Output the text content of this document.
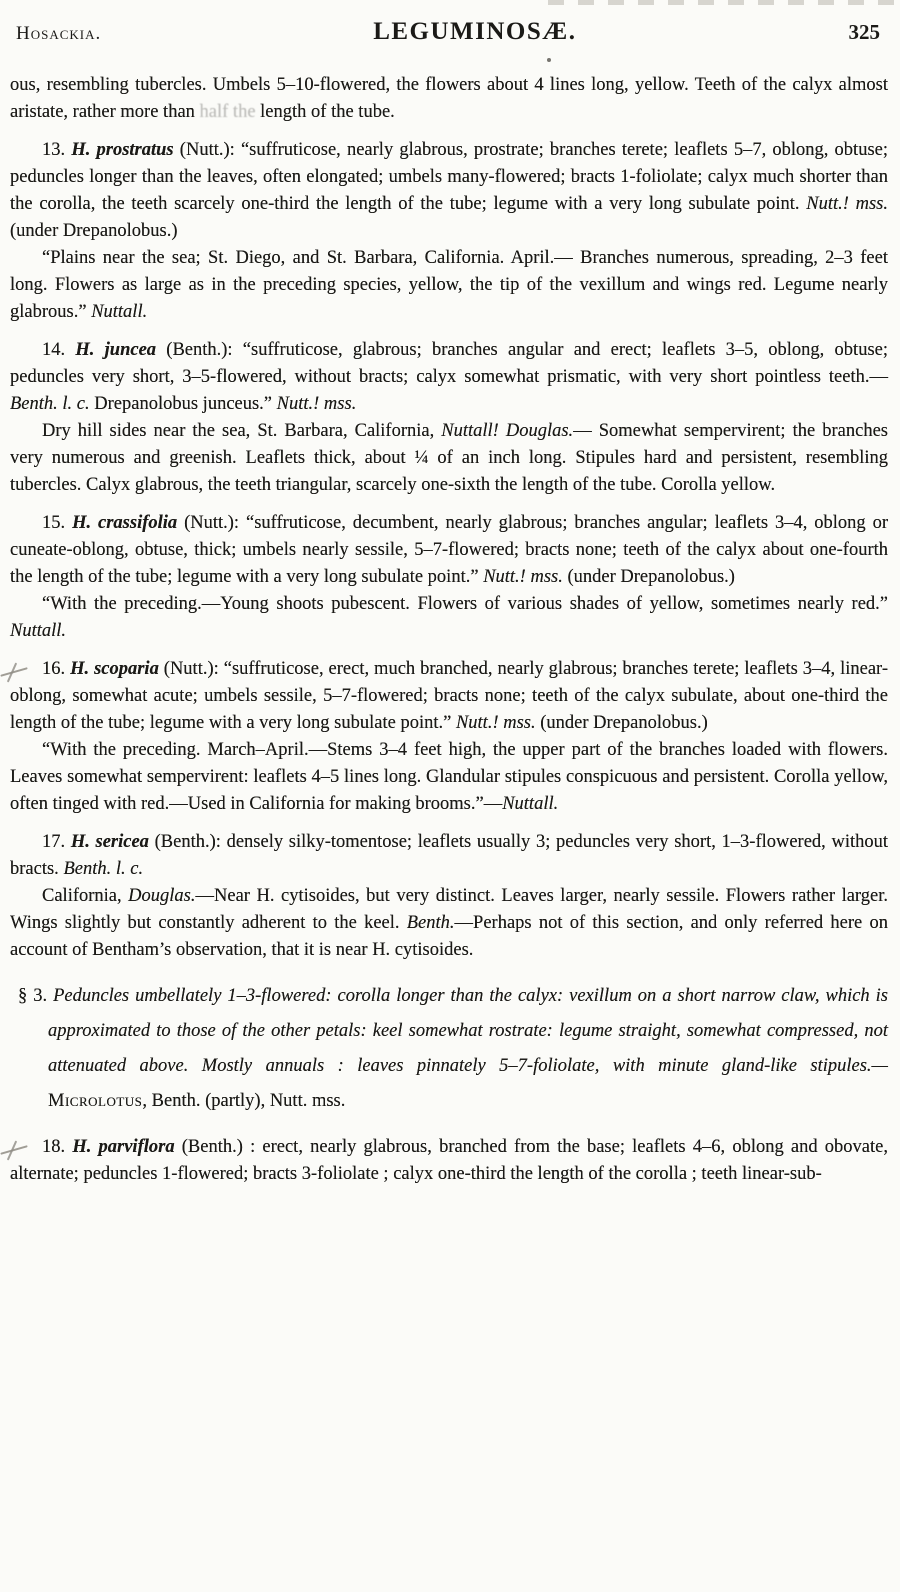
Hosackia.	LEGUMINOSÆ.	325

ous, resembling tubercles. Umbels 5–10-flowered, the flowers about 4 lines long, yellow. Teeth of the calyx almost aristate, rather more than half the length of the tube.

13. H. prostratus (Nutt.): “suffruticose, nearly glabrous, prostrate; branches terete; leaflets 5–7, oblong, obtuse; peduncles longer than the leaves, often elongated; umbels many-flowered; bracts 1-foliolate; calyx much shorter than the corolla, the teeth scarcely one-third the length of the tube; legume with a very long subulate point. Nutt.! mss. (under Drepanolobus.)

“Plains near the sea; St. Diego, and St. Barbara, California. April.— Branches numerous, spreading, 2–3 feet long. Flowers as large as in the preceding species, yellow, the tip of the vexillum and wings red. Legume nearly glabrous.” Nuttall.

14. H. juncea (Benth.): “suffruticose, glabrous; branches angular and erect; leaflets 3–5, oblong, obtuse; peduncles very short, 3–5-flowered, without bracts; calyx somewhat prismatic, with very short pointless teeth.— Benth. l. c. Drepanolobus junceus.” Nutt.! mss.

Dry hill sides near the sea, St. Barbara, California, Nuttall! Douglas.— Somewhat sempervirent; the branches very numerous and greenish. Leaflets thick, about ¼ of an inch long. Stipules hard and persistent, resembling tubercles. Calyx glabrous, the teeth triangular, scarcely one-sixth the length of the tube. Corolla yellow.

15. H. crassifolia (Nutt.): “suffruticose, decumbent, nearly glabrous; branches angular; leaflets 3–4, oblong or cuneate-oblong, obtuse, thick; umbels nearly sessile, 5–7-flowered; bracts none; teeth of the calyx about one-fourth the length of the tube; legume with a very long subulate point.” Nutt.! mss. (under Drepanolobus.)

“With the preceding.—Young shoots pubescent. Flowers of various shades of yellow, sometimes nearly red.” Nuttall.

16. H. scoparia (Nutt.): “suffruticose, erect, much branched, nearly glabrous; branches terete; leaflets 3–4, linear-oblong, somewhat acute; umbels sessile, 5–7-flowered; bracts none; teeth of the calyx subulate, about one-third the length of the tube; legume with a very long subulate point.” Nutt.! mss. (under Drepanolobus.)

“With the preceding. March–April.—Stems 3–4 feet high, the upper part of the branches loaded with flowers. Leaves somewhat sempervirent: leaflets 4–5 lines long. Glandular stipules conspicuous and persistent. Corolla yellow, often tinged with red.—Used in California for making brooms.”—Nuttall.

17. H. sericea (Benth.): densely silky-tomentose; leaflets usually 3; peduncles very short, 1–3-flowered, without bracts. Benth. l. c.

California, Douglas.—Near H. cytisoides, but very distinct. Leaves larger, nearly sessile. Flowers rather larger. Wings slightly but constantly adherent to the keel. Benth.—Perhaps not of this section, and only referred here on account of Bentham’s observation, that it is near H. cytisoides.

§ 3. Peduncles umbellately 1–3-flowered: corolla longer than the calyx: vexillum on a short narrow claw, which is approximated to those of the other petals: keel somewhat rostrate: legume straight, somewhat compressed, not attenuated above. Mostly annuals : leaves pinnately 5–7-foliolate, with minute gland-like stipules.—Microlotus, Benth. (partly), Nutt. mss.

18. H. parviflora (Benth.) : erect, nearly glabrous, branched from the base; leaflets 4–6, oblong and obovate, alternate; peduncles 1-flowered; bracts 3-foliolate ; calyx one-third the length of the corolla ; teeth linear-sub-
